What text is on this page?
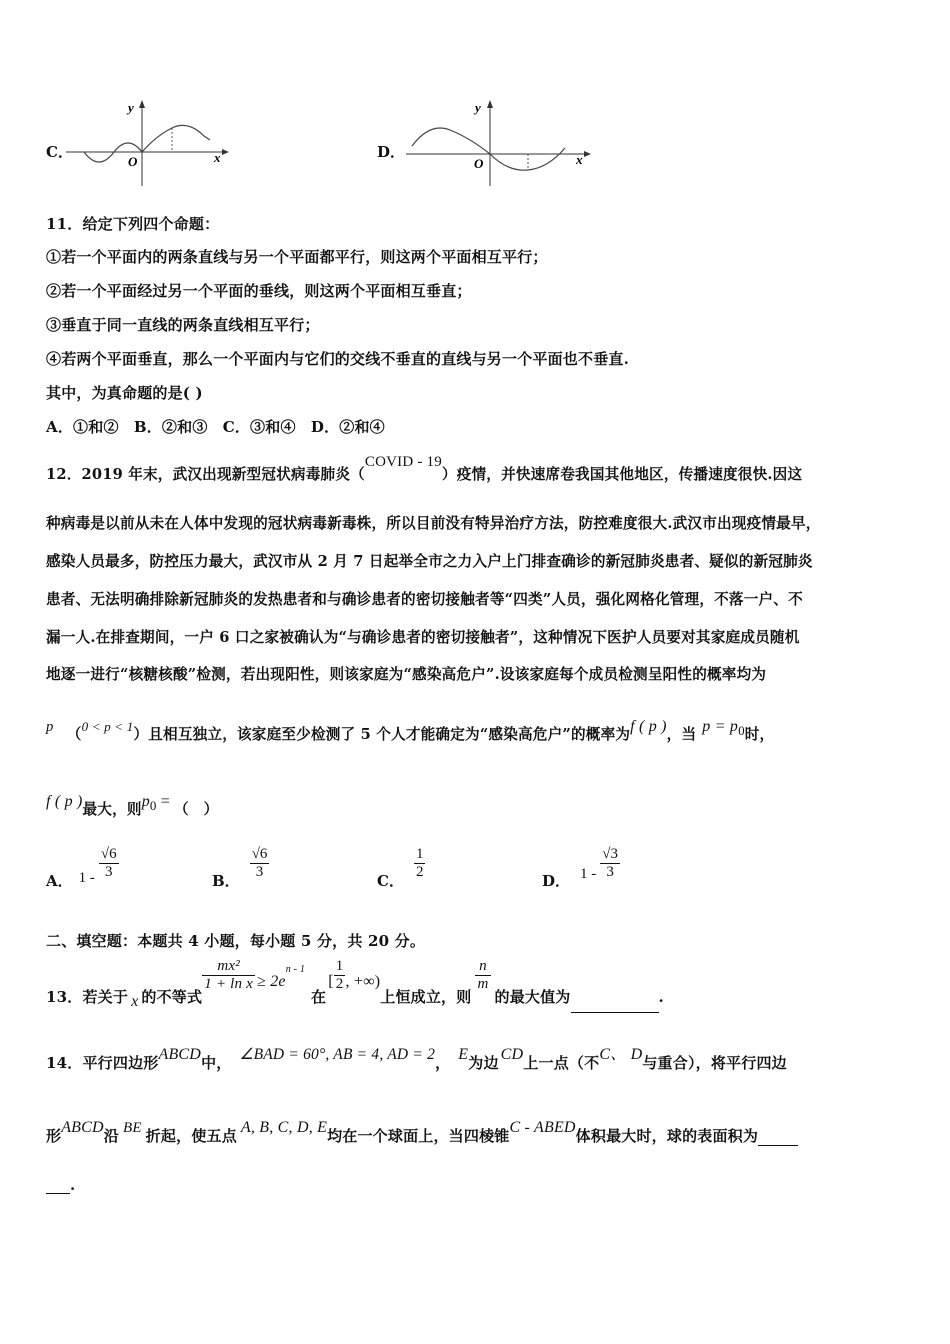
C．
y
x
O
D．
y
x
O
11．给定下列四个命题：
①若一个平面内的两条直线与另一个平面都平行，则这两个平面相互平行；
②若一个平面经过另一个平面的垂线，则这两个平面相互垂直；
③垂直于同一直线的两条直线相互平行；
④若两个平面垂直，那么一个平面内与它们的交线不垂直的直线与另一个平面也不垂直.
其中，为真命题的是( )
A．①和②　B．②和③　C．③和④　D．②和④
12．2019 年末，武汉出现新型冠状病毒肺炎（COVID - 19）疫情，并快速席卷我国其他地区，传播速度很快.因这
种病毒是以前从未在人体中发现的冠状病毒新毒株，所以目前没有特异治疗方法，防控难度很大.武汉市出现疫情最早，
感染人员最多，防控压力最大，武汉市从 2 月 7 日起举全市之力入户上门排查确诊的新冠肺炎患者、疑似的新冠肺炎
患者、无法明确排除新冠肺炎的发热患者和与确诊患者的密切接触者等“四类”人员，强化网格化管理，不落一户、不
漏一人.在排查期间，一户 6 口之家被确认为“与确诊患者的密切接触者”，这种情况下医护人员要对其家庭成员随机
地逐一进行“核糖核酸”检测，若出现阳性，则该家庭为“感染高危户”.设该家庭每个成员检测呈阳性的概率均为
p （0 < p < 1）且相互独立，该家庭至少检测了 5 个人才能确定为“感染高危户”的概率为f ( p )，当 $p = p_0$时，
f ( p )最大，则$p_0$ = （　）
A． $1 - \frac{√6}{3}$	B． $\frac{√6}{3}$	C． $\frac{1}{2}$	D． $1 - \frac{√3}{3}$
二、填空题：本题共 4 小题，每小题 5 分，共 20 分。
13．若关于 x 的不等式
$\frac{\text{mx²}}{\text{1 + ln x}} \ge 2e^{n - 1}$在[ $\frac{1}{2}$ , +∞)上恒成立，则
$\frac{n}{m}$
的最大值为	.
14．平行四边形ABCD中， ∠BAD = 60°, AB = 4, AD = 2， E为边 CD上一点（不C、 D与重合），将平行四边
形ABCD沿 BE 折起，使五点 A, B, C, D, E均在一个球面上，当四棱锥C - ABED体积最大时，球的表面积为
.
